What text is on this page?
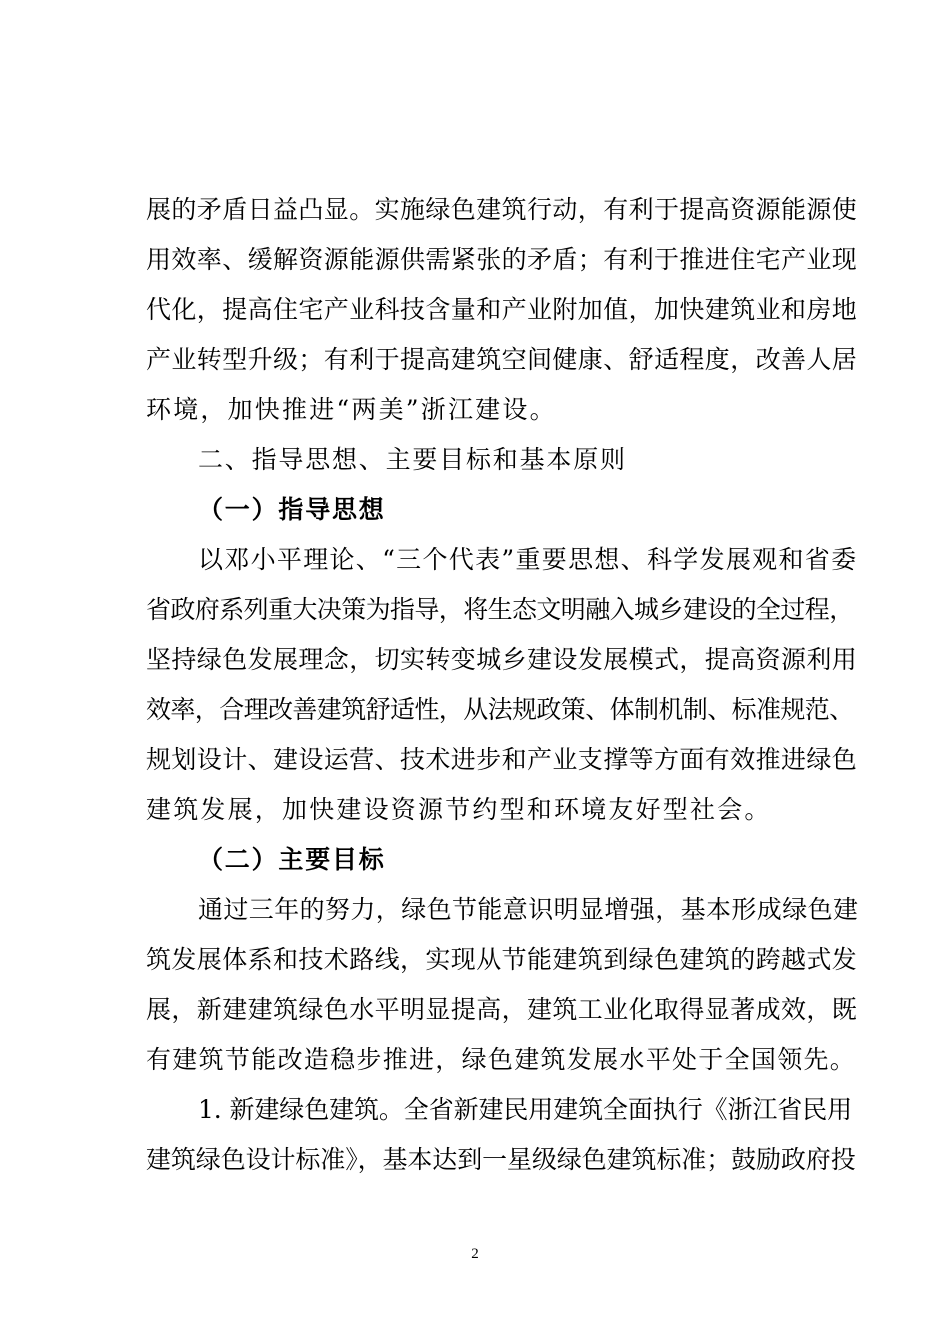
展的矛盾日益凸显。实施绿色建筑行动，有利于提高资源能源使
用效率、缓解资源能源供需紧张的矛盾；有利于推进住宅产业现
代化，提高住宅产业科技含量和产业附加值，加快建筑业和房地
产业转型升级；有利于提高建筑空间健康、舒适程度，改善人居
环境，加快推进“两美”浙江建设。
二、指导思想、主要目标和基本原则
（一）指导思想
以邓小平理论、“三个代表”重要思想、科学发展观和省委
省政府系列重大决策为指导，将生态文明融入城乡建设的全过程，
坚持绿色发展理念，切实转变城乡建设发展模式，提高资源利用
效率，合理改善建筑舒适性，从法规政策、体制机制、标准规范、
规划设计、建设运营、技术进步和产业支撑等方面有效推进绿色
建筑发展，加快建设资源节约型和环境友好型社会。
（二）主要目标
通过三年的努力，绿色节能意识明显增强，基本形成绿色建
筑发展体系和技术路线，实现从节能建筑到绿色建筑的跨越式发
展，新建建筑绿色水平明显提高，建筑工业化取得显著成效，既
有建筑节能改造稳步推进，绿色建筑发展水平处于全国领先。
1. 新建绿色建筑。全省新建民用建筑全面执行《浙江省民用
建筑绿色设计标准》，基本达到一星级绿色建筑标准；鼓励政府投
2
